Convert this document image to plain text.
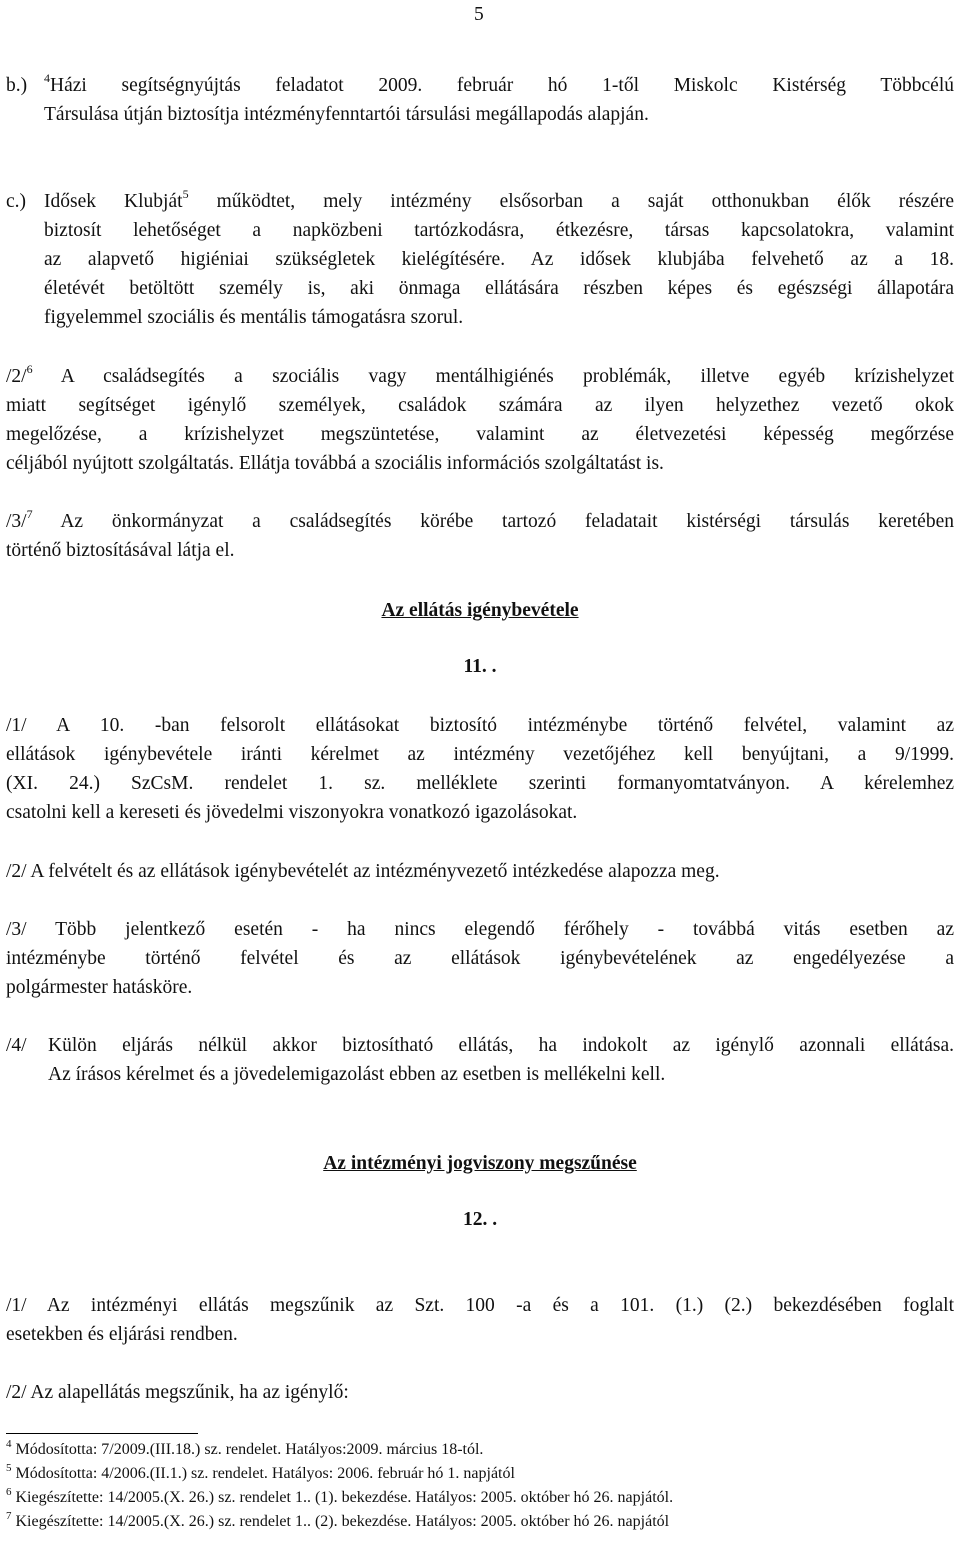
5
b.) $^4$Házi segítségnyújtás feladatot 2009. február hó 1-től Miskolc Kistérség Többcélú
Társulása útján biztosítja intézményfenntartói társulási megállapodás alapján.
c.) Idősek Klubját$^5$ működtet, mely intézmény elsősorban a saját otthonukban élők részére
biztosít lehetőséget a napközbeni tartózkodásra, étkezésre, társas kapcsolatokra, valamint
az alapvető higiéniai szükségletek kielégítésére. Az idősek klubjába felvehető az a 18.
életévét betöltött személy is, aki önmaga ellátására részben képes és egészségi állapotára
figyelemmel szociális és mentális támogatásra szorul.
/2/$^6$ A családsegítés a szociális vagy mentálhigiénés problémák, illetve egyéb krízishelyzet
miatt segítséget igénylő személyek, családok számára az ilyen helyzethez vezető okok
megelőzése, a krízishelyzet megszüntetése, valamint az életvezetési képesség megőrzése
céljából nyújtott szolgáltatás. Ellátja továbbá a szociális információs szolgáltatást is.
/3/$^7$ Az önkormányzat a családsegítés körébe tartozó feladatait kistérségi társulás keretében
történő biztosításával látja el.
Az ellátás igénybevétele
11. .
/1/ A 10. -ban felsorolt ellátásokat biztosító intézménybe történő felvétel, valamint az
ellátások igénybevétele iránti kérelmet az intézmény vezetőjéhez kell benyújtani, a 9/1999.
(XI. 24.) SzCsM. rendelet 1. sz. melléklete szerinti formanyomtatványon. A kérelemhez
csatolni kell a kereseti és jövedelmi viszonyokra vonatkozó igazolásokat.
/2/ A felvételt és az ellátások igénybevételét az intézményvezető intézkedése alapozza meg.
/3/ Több jelentkező esetén - ha nincs elegendő férőhely - továbbá vitás esetben az
intézménybe történő felvétel és az ellátások igénybevételének az engedélyezése a
polgármester hatásköre.
/4/ Külön eljárás nélkül akkor biztosítható ellátás, ha indokolt az igénylő azonnali ellátása.
Az írásos kérelmet és a jövedelemigazolást ebben az esetben is mellékelni kell.
Az intézményi jogviszony megszűnése
12. .
/1/ Az intézményi ellátás megszűnik az Szt. 100 -a és a 101. (1.) (2.) bekezdésében foglalt
esetekben és eljárási rendben.
/2/ Az alapellátás megszűnik, ha az igénylő:
$^4$ Módosította: 7/2009.(III.18.) sz. rendelet. Hatályos:2009. március 18-tól.
$^5$ Módosította: 4/2006.(II.1.) sz. rendelet. Hatályos: 2006. február hó 1. napjától
$^6$ Kiegészítette: 14/2005.(X. 26.) sz. rendelet 1.. (1). bekezdése. Hatályos: 2005. október hó 26. napjától.
$^7$ Kiegészítette: 14/2005.(X. 26.) sz. rendelet 1.. (2). bekezdése. Hatályos: 2005. október hó 26. napjától
